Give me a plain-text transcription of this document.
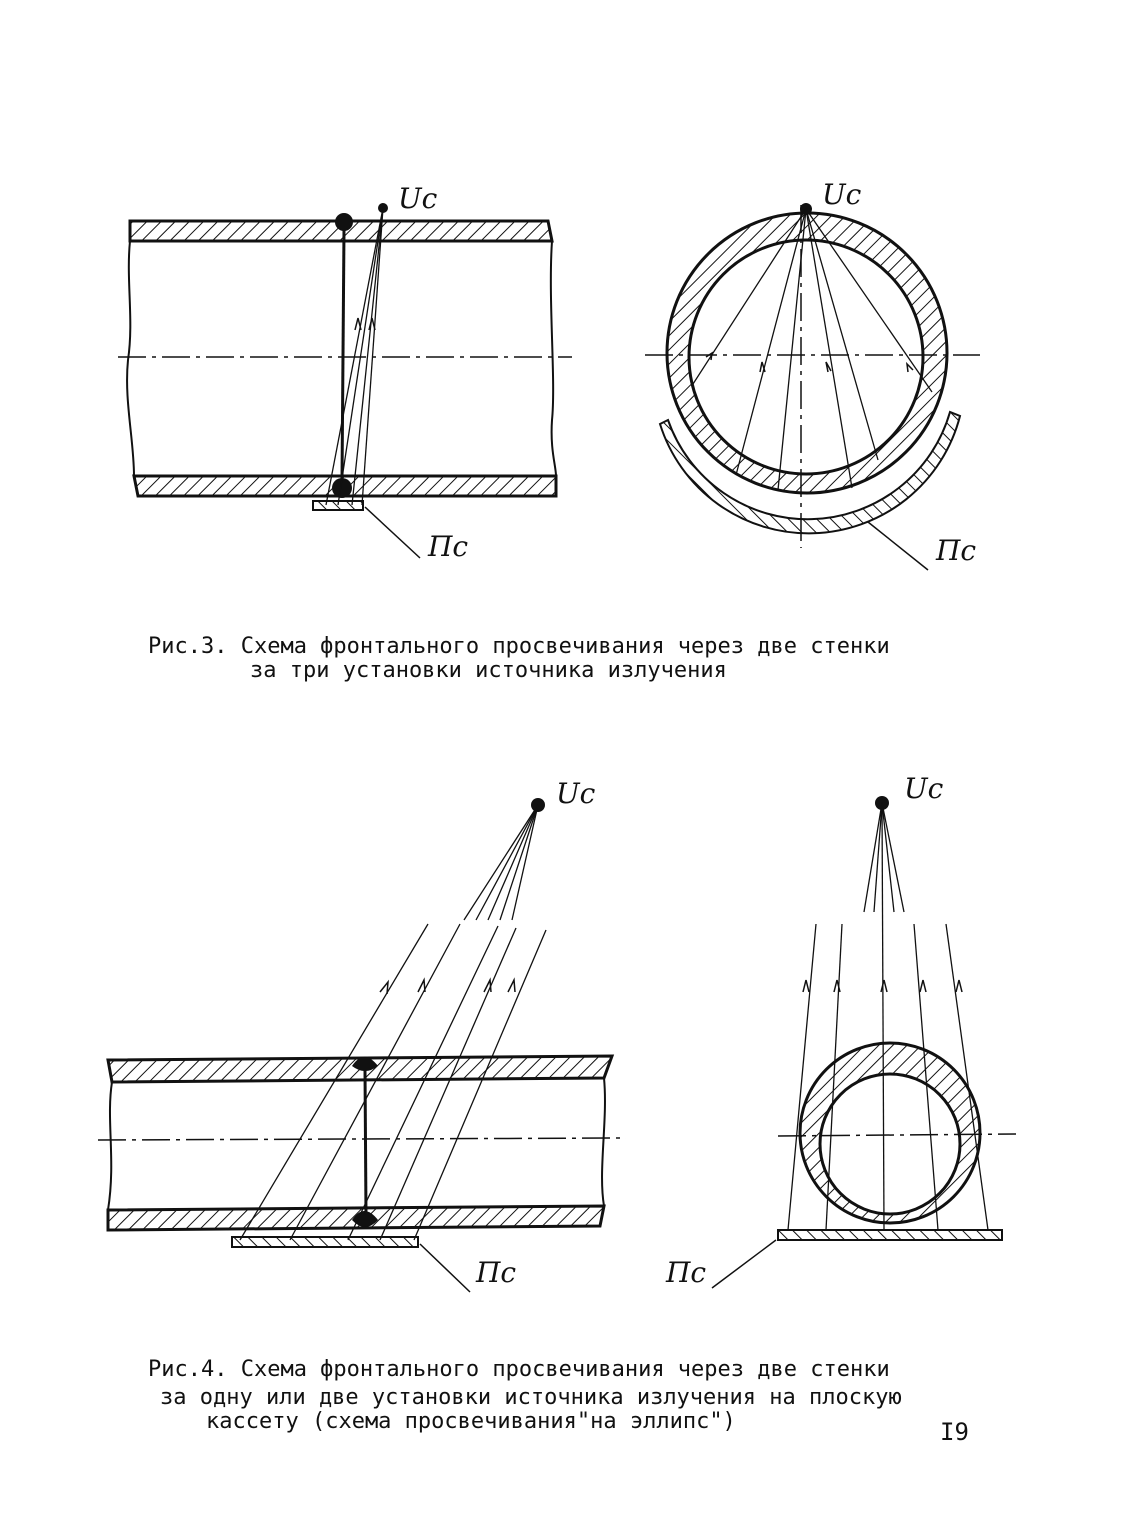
Uc
Пс
Uc
Пс
Uc
Пс
Uc
Пс
Рис.3. Схема фронтального просвечивания через две стенки
за три установки источника излучения
Рис.4. Схема фронтального просвечивания через две стенки
за одну или две установки источника излучения на плоскую
кассету (схема просвечивания"на эллипс")	I9
